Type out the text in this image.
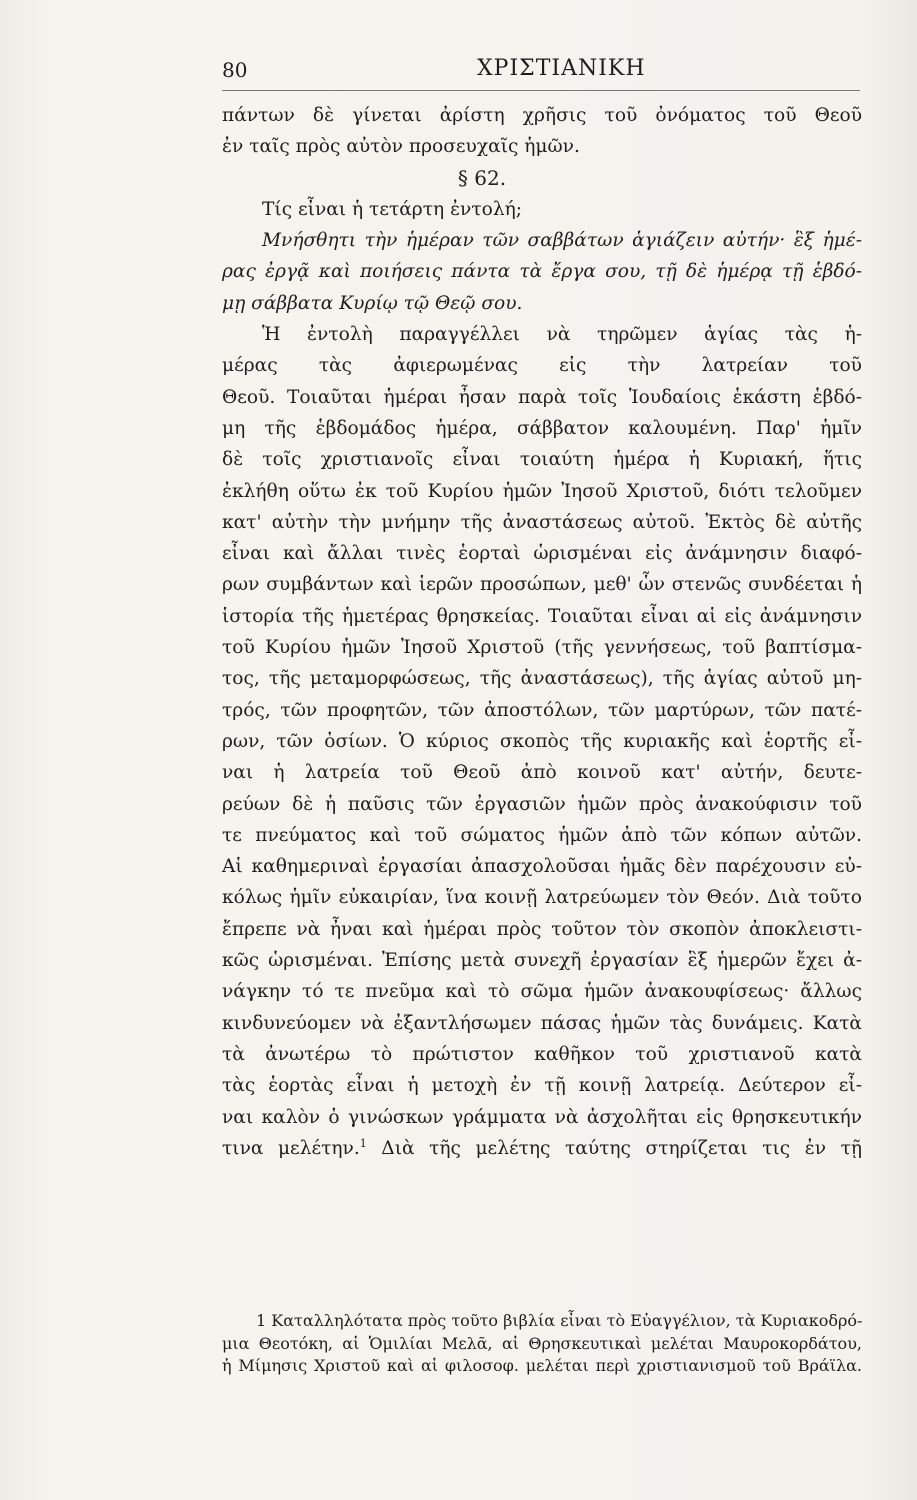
80	ΧΡΙΣΤΙΑΝΙΚΗ
πάντων δὲ γίνεται ἀρίστη χρῆσις τοῦ ὀνόματος τοῦ Θεοῦ
ἐν ταῖς πρὸς αὐτὸν προσευχαῖς ἡμῶν.
§ 62.
Τίς εἶναι ἡ τετάρτη ἐντολή;
Μνήσθητι τὴν ἡμέραν τῶν σαββάτων ἁγιάζειν αὐτήν· ἓξ ἡμέ-
ρας ἐργᾷ καὶ ποιήσεις πάντα τὰ ἔργα σου, τῇ δὲ ἡμέρᾳ τῇ ἑβδό-
μῃ σάββατα Κυρίῳ τῷ Θεῷ σου.
Ἡ ἐντολὴ παραγγέλλει νὰ τηρῶμεν ἁγίας τὰς ἡ-
μέρας τὰς ἀφιερωμένας εἰς τὴν λατρείαν τοῦ
Θεοῦ. Τοιαῦται ἡμέραι ἦσαν παρὰ τοῖς Ἰουδαίοις ἑκάστη ἑβδό-
μη τῆς ἑβδομάδος ἡμέρα, σάββατον καλουμένη. Παρ' ἡμῖν
δὲ τοῖς χριστιανοῖς εἶναι τοιαύτη ἡμέρα ἡ Κυριακή, ἥτις
ἐκλήθη οὕτω ἐκ τοῦ Κυρίου ἡμῶν Ἰησοῦ Χριστοῦ, διότι τελοῦμεν
κατ' αὐτὴν τὴν μνήμην τῆς ἀναστάσεως αὐτοῦ. Ἐκτὸς δὲ αὐτῆς
εἶναι καὶ ἄλλαι τινὲς ἑορταὶ ὡρισμέναι εἰς ἀνάμνησιν διαφό-
ρων συμβάντων καὶ ἱερῶν προσώπων, μεθ' ὧν στενῶς συνδέεται ἡ
ἱστορία τῆς ἡμετέρας θρησκείας. Τοιαῦται εἶναι αἱ εἰς ἀνάμνησιν
τοῦ Κυρίου ἡμῶν Ἰησοῦ Χριστοῦ (τῆς γεννήσεως, τοῦ βαπτίσμα-
τος, τῆς μεταμορφώσεως, τῆς ἀναστάσεως), τῆς ἁγίας αὐτοῦ μη-
τρός, τῶν προφητῶν, τῶν ἀποστόλων, τῶν μαρτύρων, τῶν πατέ-
ρων, τῶν ὁσίων. Ὁ κύριος σκοπὸς τῆς κυριακῆς καὶ ἑορτῆς εἶ-
ναι ἡ λατρεία τοῦ Θεοῦ ἀπὸ κοινοῦ κατ' αὐτήν, δευτε-
ρεύων δὲ ἡ παῦσις τῶν ἐργασιῶν ἡμῶν πρὸς ἀνακούφισιν τοῦ
τε πνεύματος καὶ τοῦ σώματος ἡμῶν ἀπὸ τῶν κόπων αὐτῶν.
Αἱ καθημεριναὶ ἐργασίαι ἀπασχολοῦσαι ἡμᾶς δὲν παρέχουσιν εὐ-
κόλως ἡμῖν εὐκαιρίαν, ἵνα κοινῇ λατρεύωμεν τὸν Θεόν. Διὰ τοῦτο
ἔπρεπε νὰ ἦναι καὶ ἡμέραι πρὸς τοῦτον τὸν σκοπὸν ἀποκλειστι-
κῶς ὡρισμέναι. Ἐπίσης μετὰ συνεχῆ ἐργασίαν ἓξ ἡμερῶν ἔχει ἀ-
νάγκην τό τε πνεῦμα καὶ τὸ σῶμα ἡμῶν ἀνακουφίσεως· ἄλλως
κινδυνεύομεν νὰ ἐξαντλήσωμεν πάσας ἡμῶν τὰς δυνάμεις. Κατὰ
τὰ ἀνωτέρω τὸ πρώτιστον καθῆκον τοῦ χριστιανοῦ κατὰ
τὰς ἑορτὰς εἶναι ἡ μετοχὴ ἐν τῇ κοινῇ λατρείᾳ. Δεύτερον εἶ-
ναι καλὸν ὁ γινώσκων γράμματα νὰ ἀσχολῆται εἰς θρησκευτικήν
τινα μελέτην.$^1$ Διὰ τῆς μελέτης ταύτης στηρίζεται τις ἐν τῇ
1 Καταλληλότατα πρὸς τοῦτο βιβλία εἶναι τὸ Εὐαγγέλιον, τὰ Κυριακοδρό-
μια Θεοτόκη, αἱ Ὁμιλίαι Μελᾶ, αἱ Θρησκευτικαὶ μελέται Μαυροκορδάτου,
ἡ Μίμησις Χριστοῦ καὶ αἱ φιλοσοφ. μελέται περὶ χριστιανισμοῦ τοῦ Βράϊλα.
